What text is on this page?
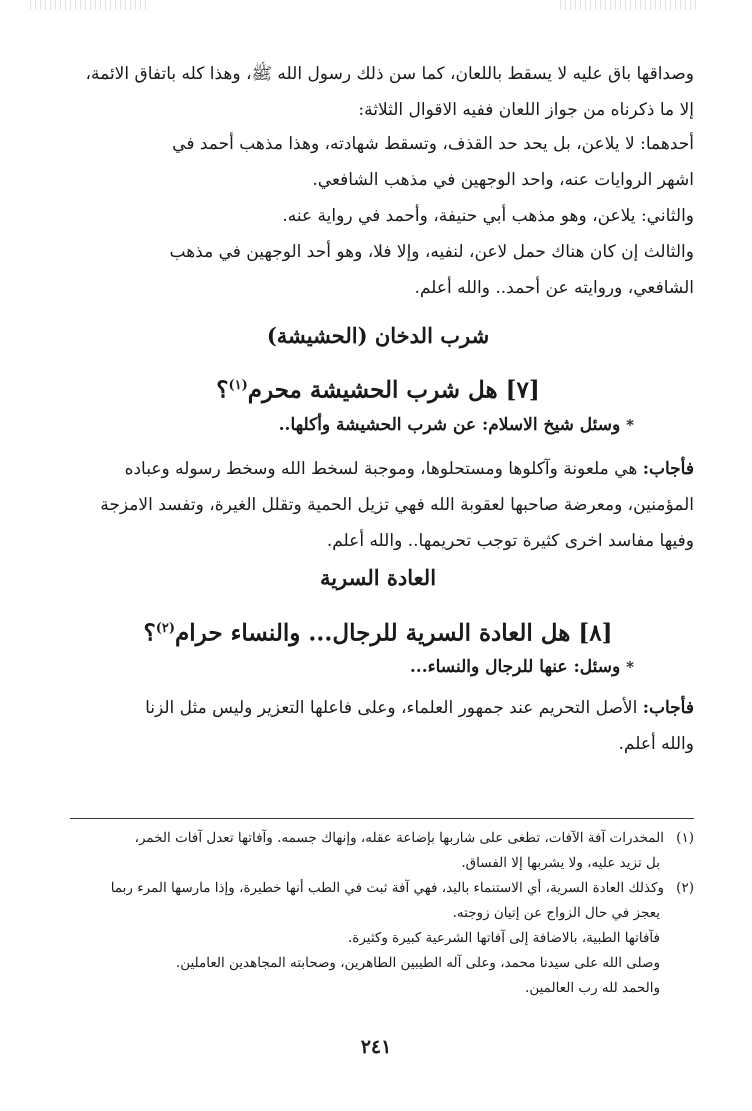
وصداقها باق عليه لا يسقط باللعان، كما سن ذلك رسول الله ﷺ، وهذا كله باتفاق الائمة،

إلا ما ذكرناه من جواز اللعان ففيه الاقوال الثلاثة:

أحدهما: لا يلاعن، بل يحد حد القذف، وتسقط شهادته، وهذا مذهب أحمد في

اشهر الروايات عنه، واحد الوجهين في مذهب الشافعي.

والثاني: يلاعن، وهو مذهب أبي حنيفة، وأحمد في رواية عنه.

والثالث إن كان هناك حمل لاعن، لنفيه، وإلا فلا، وهو أحد الوجهين في مذهب

الشافعي، وروايته عن أحمد.. والله أعلم.

شرب الدخان (الحشيشة)
[٧] هل شرب الحشيشة محرم$^{(١)}$؟
* وسئل شيخ الاسلام: عن شرب الحشيشة وأكلها..

فأجاب: هي ملعونة وآكلوها ومستحلوها، وموجبة لسخط الله وسخط رسوله وعباده

المؤمنين، ومعرضة صاحبها لعقوبة الله فهي تزيل الحمية وتقلل الغيرة، وتفسد الامزجة

وفيها مفاسد اخرى كثيرة توجب تحريمها.. والله أعلم.

العادة السرية
[٨] هل العادة السرية للرجال... والنساء حرام$^{(٢)}$؟
* وسئل: عنها للرجال والنساء...

فأجاب: الأصل التحريم عند جمهور العلماء، وعلى فاعلها التعزير وليس مثل الزنا

والله أعلم.

(١)المخدرات آفة الآفات، تطغى على شاربها بإضاعة عقله، وإنهاك جسمه. وآفاتها تعدل آفات الخمر،
بل تزيد عليه، ولا يشربها إلا الفساق.
(٢)وكذلك العادة السرية، أي الاستنماء باليد، فهي آفة ثبت في الطب أنها خطيرة، وإذا مارسها المرء ربما
يعجز في حال الزواج عن إتيان زوجته.
فآفاتها الطبية، بالاضافة إلى آفاتها الشرعية كبيرة وكثيرة.
وصلى الله على سيدنا محمد، وعلى آله الطيبين الطاهرين، وصحابته المجاهدين العاملين.
والحمد لله رب العالمين.
٢٤١
